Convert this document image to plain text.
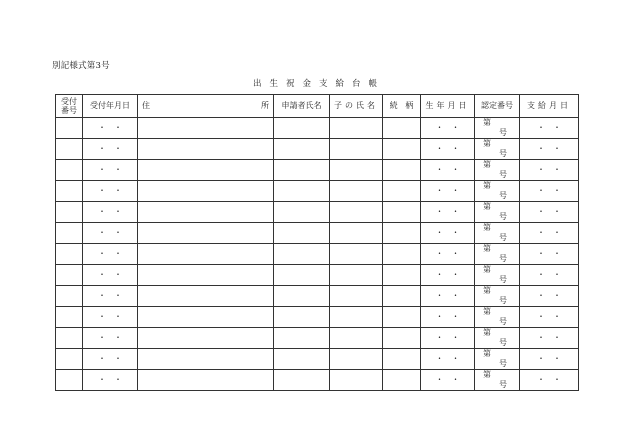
別記様式第3号
出 生 祝 金 支 給 台 帳
受付
番号	受付年月日	住 所	申請者氏名	子の氏名	続 柄	生年月日	認定番号	支給月日
	・ ・					・ ・	第号	・ ・
	・ ・					・ ・	第号	・ ・
	・ ・					・ ・	第号	・ ・
	・ ・					・ ・	第号	・ ・
	・ ・					・ ・	第号	・ ・
	・ ・					・ ・	第号	・ ・
	・ ・					・ ・	第号	・ ・
	・ ・					・ ・	第号	・ ・
	・ ・					・ ・	第号	・ ・
	・ ・					・ ・	第号	・ ・
	・ ・					・ ・	第号	・ ・
	・ ・					・ ・	第号	・ ・
	・ ・					・ ・	第号	・ ・
